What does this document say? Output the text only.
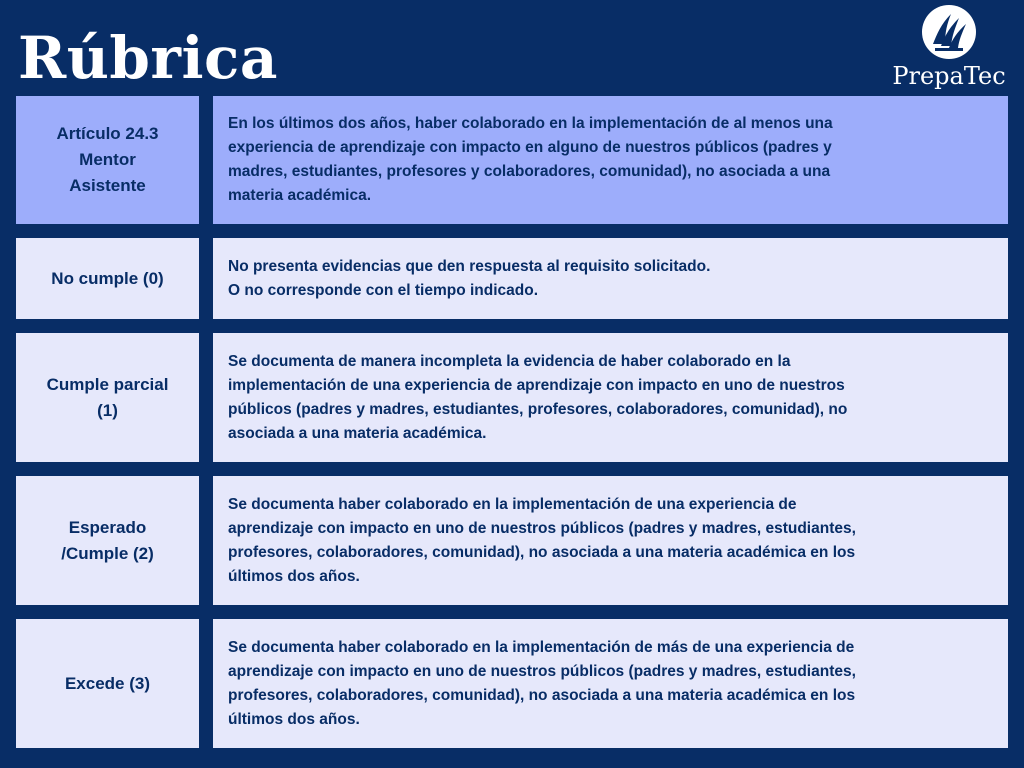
Rúbrica	PrepaTec
Artículo 24.3
Mentor
Asistente
En los últimos dos años, haber colaborado en la implementación de al menos una
experiencia de aprendizaje con impacto en alguno de nuestros públicos (padres y
madres, estudiantes, profesores y colaboradores, comunidad), no asociada a una
materia académica.
No cumple (0)
No presenta evidencias que den respuesta al requisito solicitado.
O no corresponde con el tiempo indicado.
Cumple parcial
(1)
Se documenta de manera incompleta la evidencia de haber colaborado en la
implementación de una experiencia de aprendizaje con impacto en uno de nuestros
públicos (padres y madres, estudiantes, profesores, colaboradores, comunidad), no
asociada a una materia académica.
Esperado
/Cumple (2)
Se documenta haber colaborado en la implementación de una experiencia de
aprendizaje con impacto en uno de nuestros públicos (padres y madres, estudiantes,
profesores, colaboradores, comunidad), no asociada a una materia académica en los
últimos dos años.
Excede (3)
Se documenta haber colaborado en la implementación de más de una experiencia de
aprendizaje con impacto en uno de nuestros públicos (padres y madres, estudiantes,
profesores, colaboradores, comunidad), no asociada a una materia académica en los
últimos dos años.
